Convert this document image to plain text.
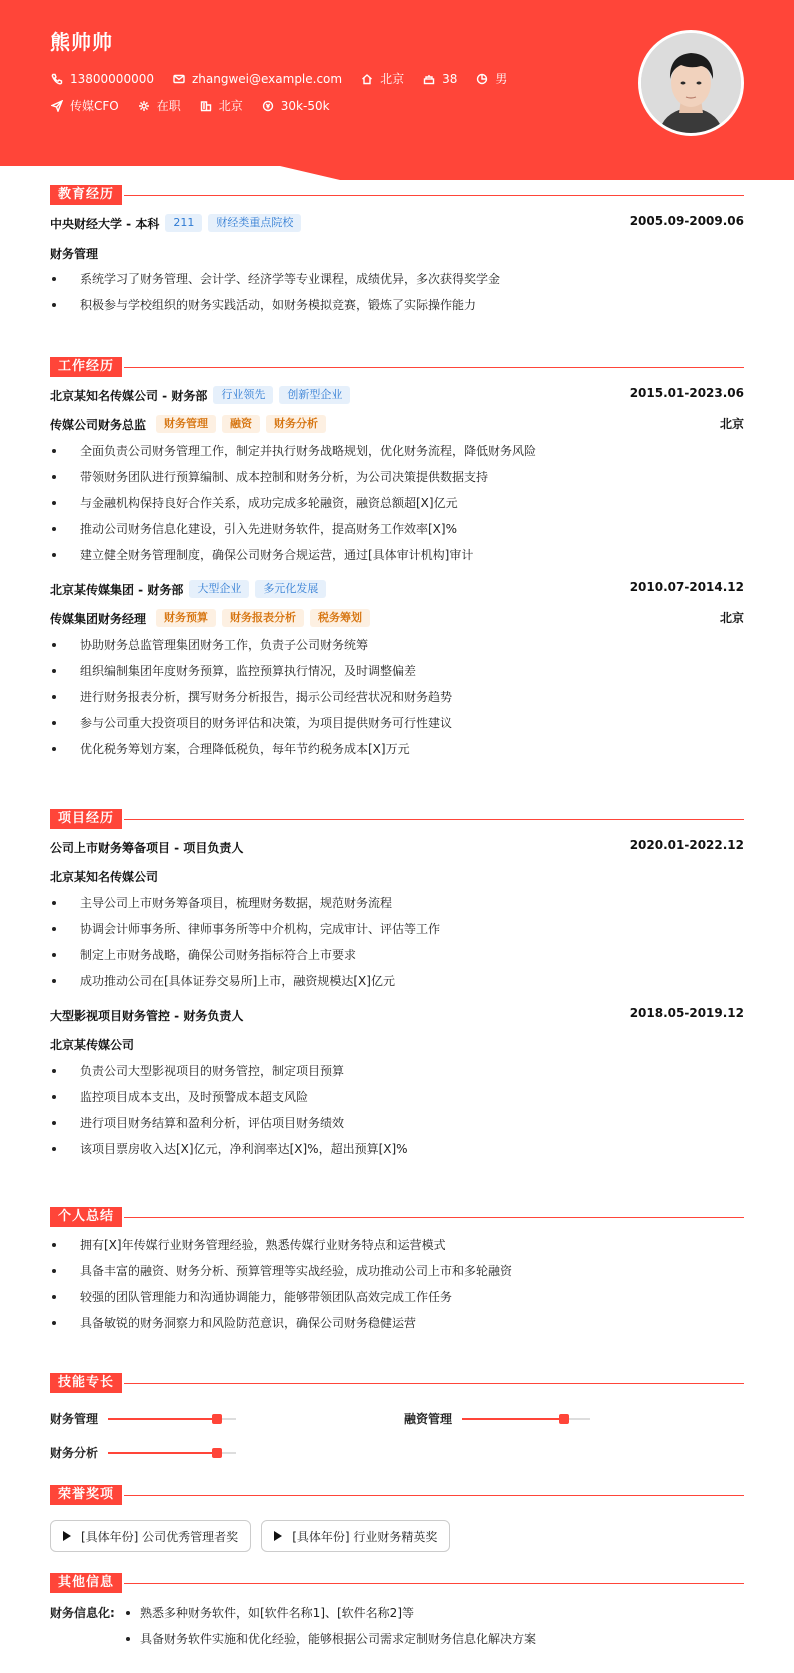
熊帅帅
13800000000	zhangwei@example.com	北京	38	男
传媒CFO	在职	北京	30k-50k
教育经历
中央财经大学 - 本科	211	财经类重点院校	2005.09-2009.06
财务管理
系统学习了财务管理、会计学、经济学等专业课程，成绩优异，多次获得奖学金
积极参与学校组织的财务实践活动，如财务模拟竞赛，锻炼了实际操作能力
工作经历
北京某知名传媒公司 - 财务部	行业领先	创新型企业	2015.01-2023.06
传媒公司财务总监	财务管理	融资	财务分析	北京
全面负责公司财务管理工作，制定并执行财务战略规划，优化财务流程，降低财务风险
带领财务团队进行预算编制、成本控制和财务分析，为公司决策提供数据支持
与金融机构保持良好合作关系，成功完成多轮融资，融资总额超[X]亿元
推动公司财务信息化建设，引入先进财务软件，提高财务工作效率[X]%
建立健全财务管理制度，确保公司财务合规运营，通过[具体审计机构]审计
北京某传媒集团 - 财务部	大型企业	多元化发展	2010.07-2014.12
传媒集团财务经理	财务预算	财务报表分析	税务筹划	北京
协助财务总监管理集团财务工作，负责子公司财务统筹
组织编制集团年度财务预算，监控预算执行情况，及时调整偏差
进行财务报表分析，撰写财务分析报告，揭示公司经营状况和财务趋势
参与公司重大投资项目的财务评估和决策，为项目提供财务可行性建议
优化税务筹划方案，合理降低税负，每年节约税务成本[X]万元
项目经历
公司上市财务筹备项目 - 项目负责人	2020.01-2022.12
北京某知名传媒公司
主导公司上市财务筹备项目，梳理财务数据，规范财务流程
协调会计师事务所、律师事务所等中介机构，完成审计、评估等工作
制定上市财务战略，确保公司财务指标符合上市要求
成功推动公司在[具体证券交易所]上市，融资规模达[X]亿元
大型影视项目财务管控 - 财务负责人	2018.05-2019.12
北京某传媒公司
负责公司大型影视项目的财务管控，制定项目预算
监控项目成本支出，及时预警成本超支风险
进行项目财务结算和盈利分析，评估项目财务绩效
该项目票房收入达[X]亿元，净利润率达[X]%，超出预算[X]%
个人总结
拥有[X]年传媒行业财务管理经验，熟悉传媒行业财务特点和运营模式
具备丰富的融资、财务分析、预算管理等实战经验，成功推动公司上市和多轮融资
较强的团队管理能力和沟通协调能力，能够带领团队高效完成工作任务
具备敏锐的财务洞察力和风险防范意识，确保公司财务稳健运营
技能专长
财务管理	融资管理
财务分析
荣誉奖项
[具体年份] 公司优秀管理者奖	[具体年份] 行业财务精英奖
其他信息
财务信息化: 熟悉多种财务软件，如[软件名称1]、[软件名称2]等
具备财务软件实施和优化经验，能够根据公司需求定制财务信息化解决方案
